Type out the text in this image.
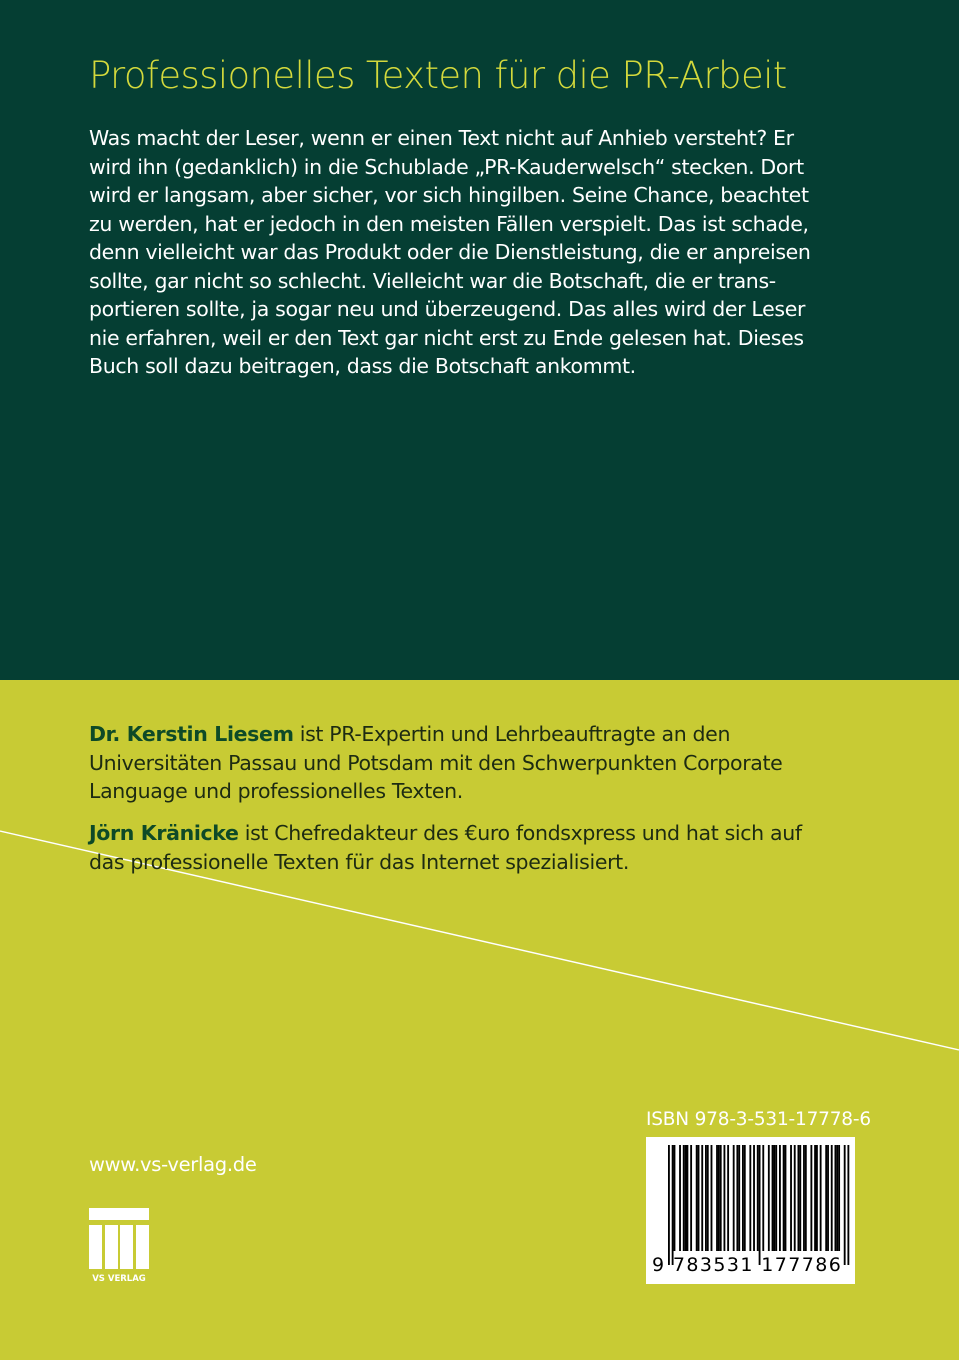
Professionelles Texten für die PR-Arbeit

Was macht der Leser, wenn er einen Text nicht auf Anhieb versteht? Er
wird ihn (gedanklich) in die Schublade „PR-Kauderwelsch“ stecken. Dort
wird er langsam, aber sicher, vor sich hingilben. Seine Chance, beachtet
zu werden, hat er jedoch in den meisten Fällen verspielt. Das ist schade,
denn vielleicht war das Produkt oder die Dienstleistung, die er anpreisen
sollte, gar nicht so schlecht. Vielleicht war die Botschaft, die er trans-
portieren sollte, ja sogar neu und überzeugend. Das alles wird der Leser
nie erfahren, weil er den Text gar nicht erst zu Ende gelesen hat. Dieses
Buch soll dazu beitragen, dass die Botschaft ankommt.

Dr. Kerstin Liesem ist PR-Expertin und Lehrbeauftragte an den
Universitäten Passau und Potsdam mit den Schwerpunkten Corporate
Language und professionelles Texten.

Jörn Kränicke ist Chefredakteur des €uro fondsxpress und hat sich auf
das professionelle Texten für das Internet spezialisiert.

www.vs-verlag.de

VS VERLAG

ISBN 978-3-531-17778-6

9 783531 177786
